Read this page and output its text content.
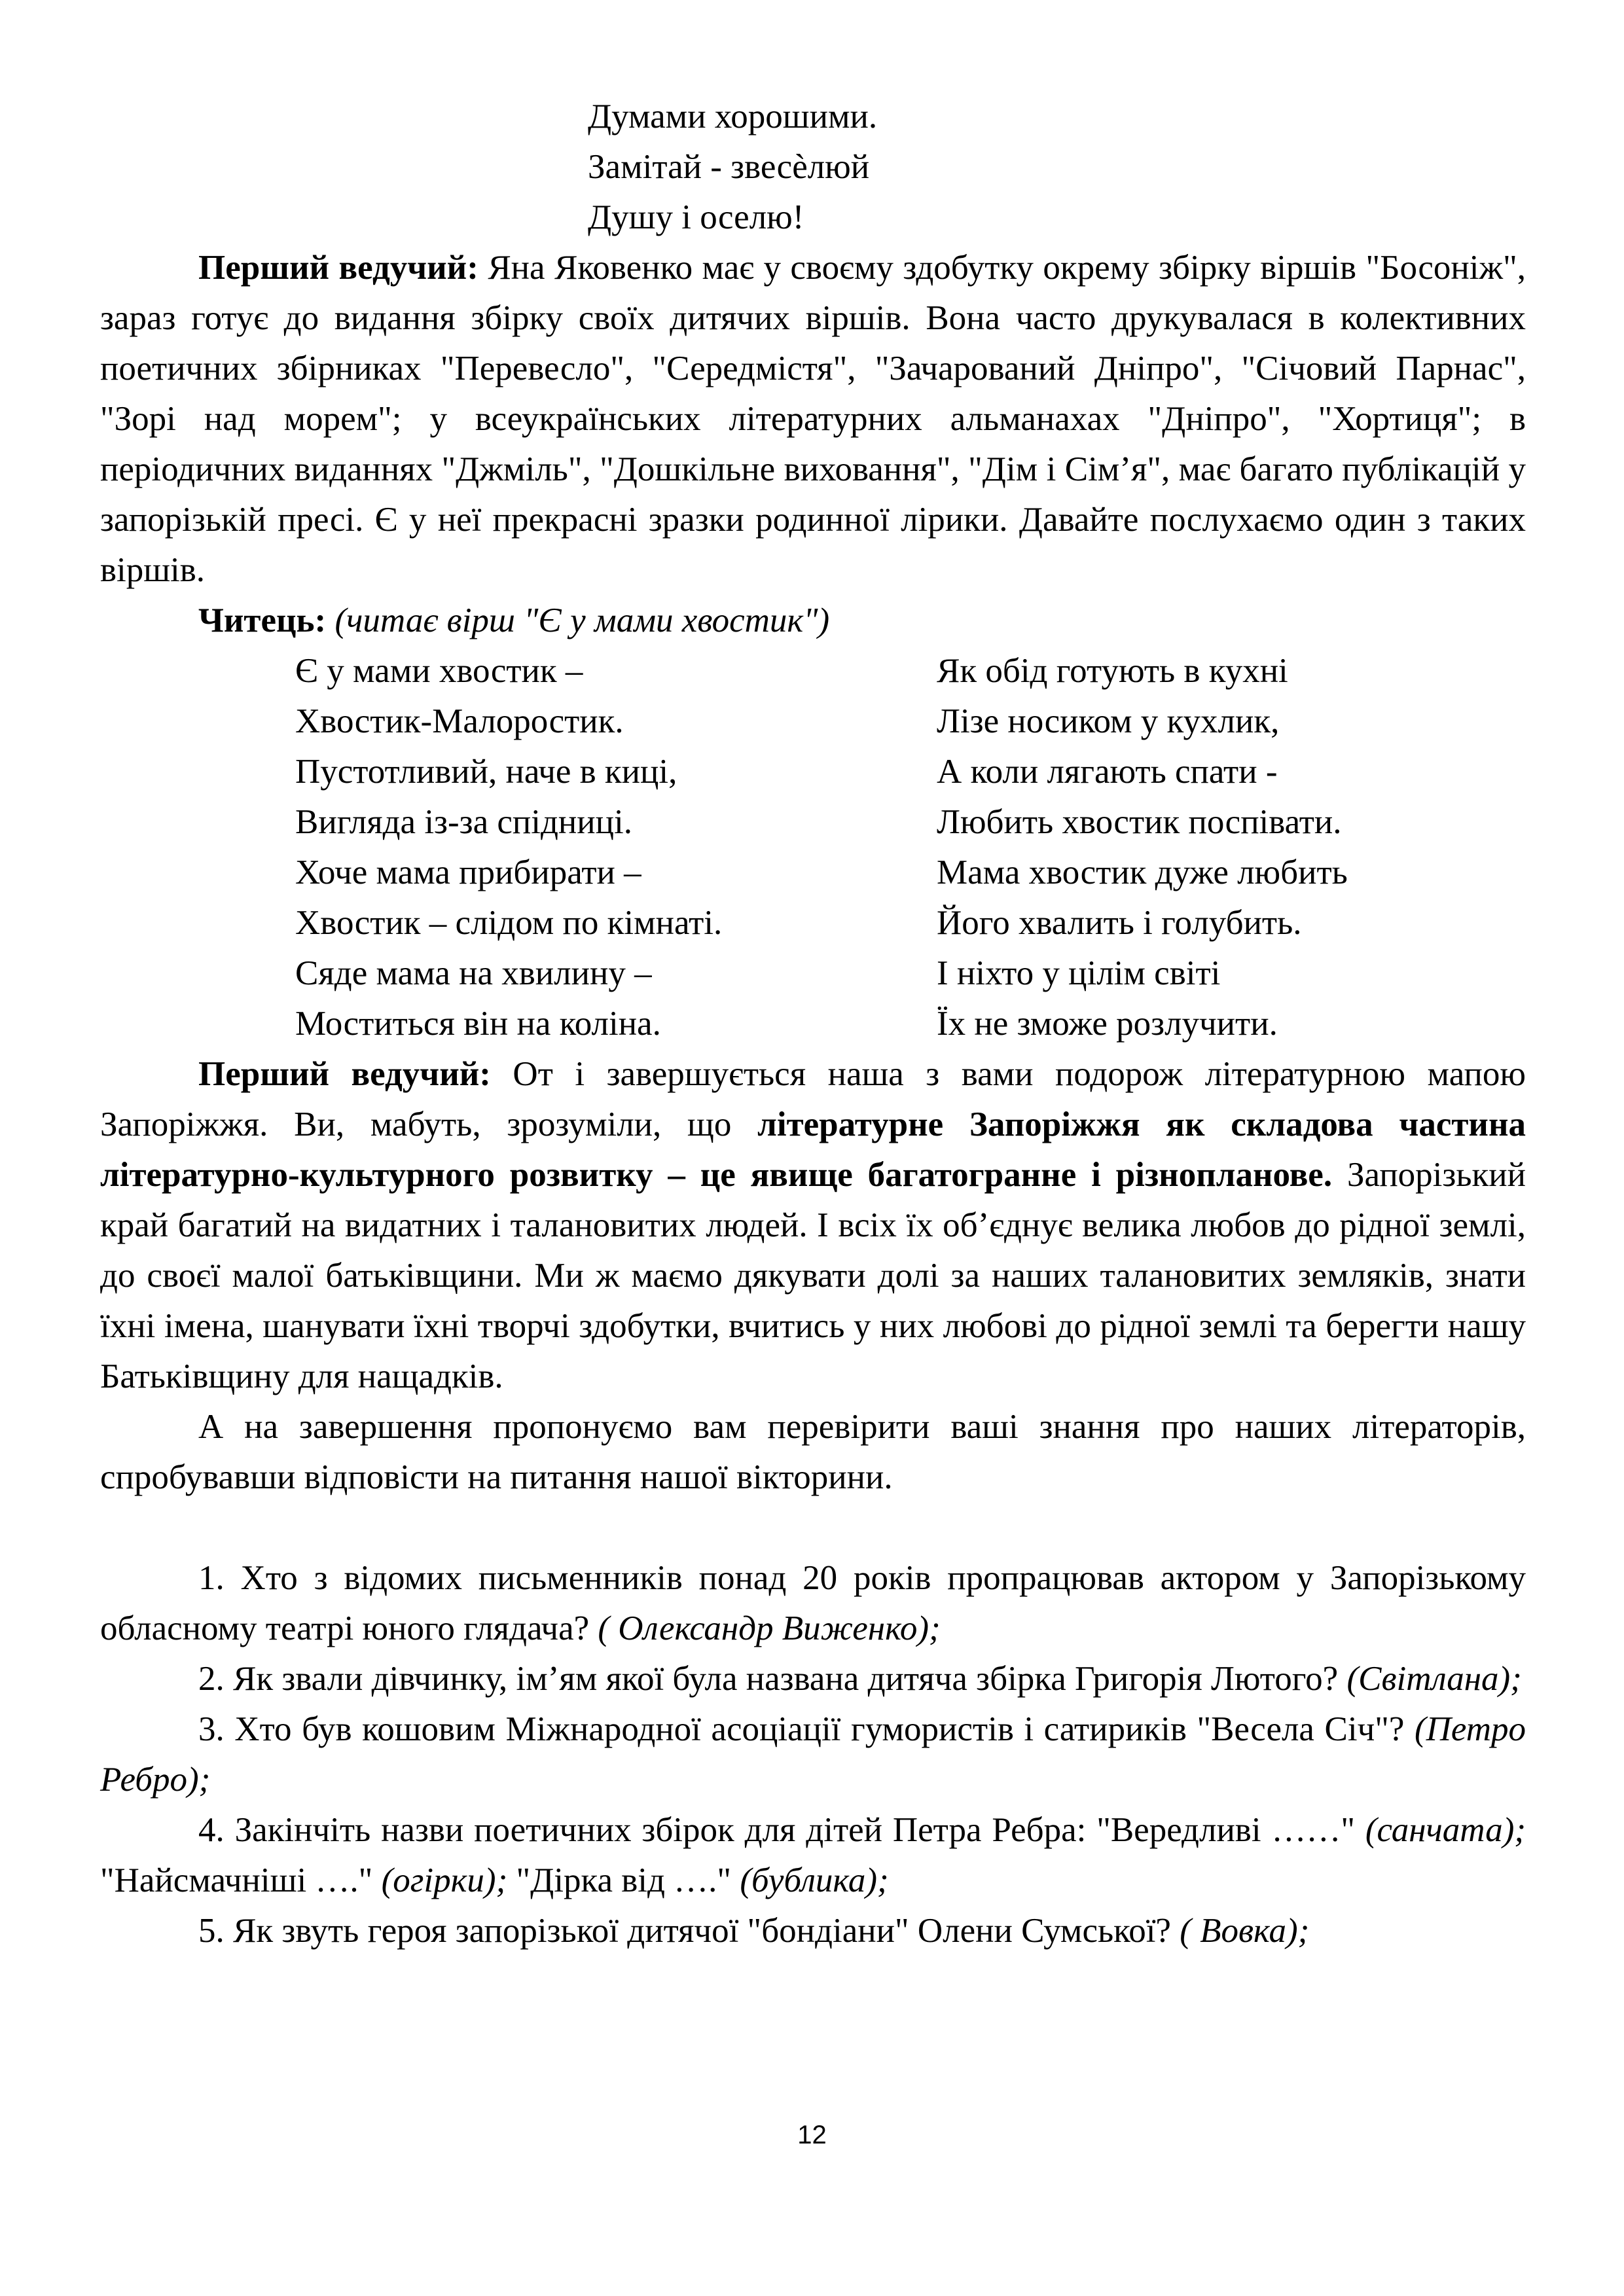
Думами хорошими.
Замітай - звесѐлюй
Душу і оселю!

Перший ведучий: Яна Яковенко має у своєму здобутку окрему збірку віршів "Босоніж", зараз готує до видання збірку своїх дитячих віршів. Вона часто друкувалася в колективних поетичних збірниках "Перевесло", "Середмістя", "Зачарований Дніпро", "Січовий Парнас", "Зорі над морем"; у всеукраїнських літературних альманахах "Дніпро", "Хортиця"; в періодичних виданнях "Джміль", "Дошкільне виховання", "Дім і Сім’я", має багато публікацій у запорізькій пресі. Є у неї прекрасні зразки родинної лірики. Давайте послухаємо один з таких віршів.

Читець: (читає вірш "Є у мами хвостик")

Є у мами хвостик –	Як обід готують в кухні
Хвостик-Малоростик.	Лізе носиком у кухлик,
Пустотливий, наче в киці,	А коли лягають спати -
Вигляда із-за спідниці.	Любить хвостик поспівати.
Хоче мама прибирати –	Мама хвостик дуже любить
Хвостик – слідом по кімнаті.	Його хвалить і голубить.
Сяде мама на хвилину –	І ніхто у цілім світі
Моститься він на коліна.	Їх не зможе розлучити.

Перший ведучий: От і завершується наша з вами подорож літературною мапою Запоріжжя. Ви, мабуть, зрозуміли, що літературне Запоріжжя як складова частина літературно-культурного розвитку – це явище багатогранне і різнопланове. Запорізький край багатий на видатних і талановитих людей. І всіх їх об’єднує велика любов до рідної землі, до своєї малої батьківщини. Ми ж маємо дякувати долі за наших талановитих земляків, знати їхні імена, шанувати їхні творчі здобутки, вчитись у них любові до рідної землі та берегти нашу Батьківщину для нащадків.

А на завершення пропонуємо вам перевірити ваші знання про наших літераторів, спробувавши відповісти на питання нашої вікторини.

1. Хто з відомих письменників понад 20 років пропрацював актором у Запорізькому обласному театрі юного глядача? ( Олександр Виженко);

2. Як звали дівчинку, ім’ям якої була названа дитяча збірка Григорія Лютого? (Світлана);

3. Хто був кошовим Міжнародної асоціації гумористів і сатириків "Весела Січ"? (Петро Ребро);

4. Закінчіть назви поетичних збірок для дітей Петра Ребра: "Вередливі ……" (санчата); "Найсмачніші …." (огірки); "Дірка від …." (бублика);

5. Як звуть героя запорізької дитячої "бондіани" Олени Сумської? ( Вовка);

12
